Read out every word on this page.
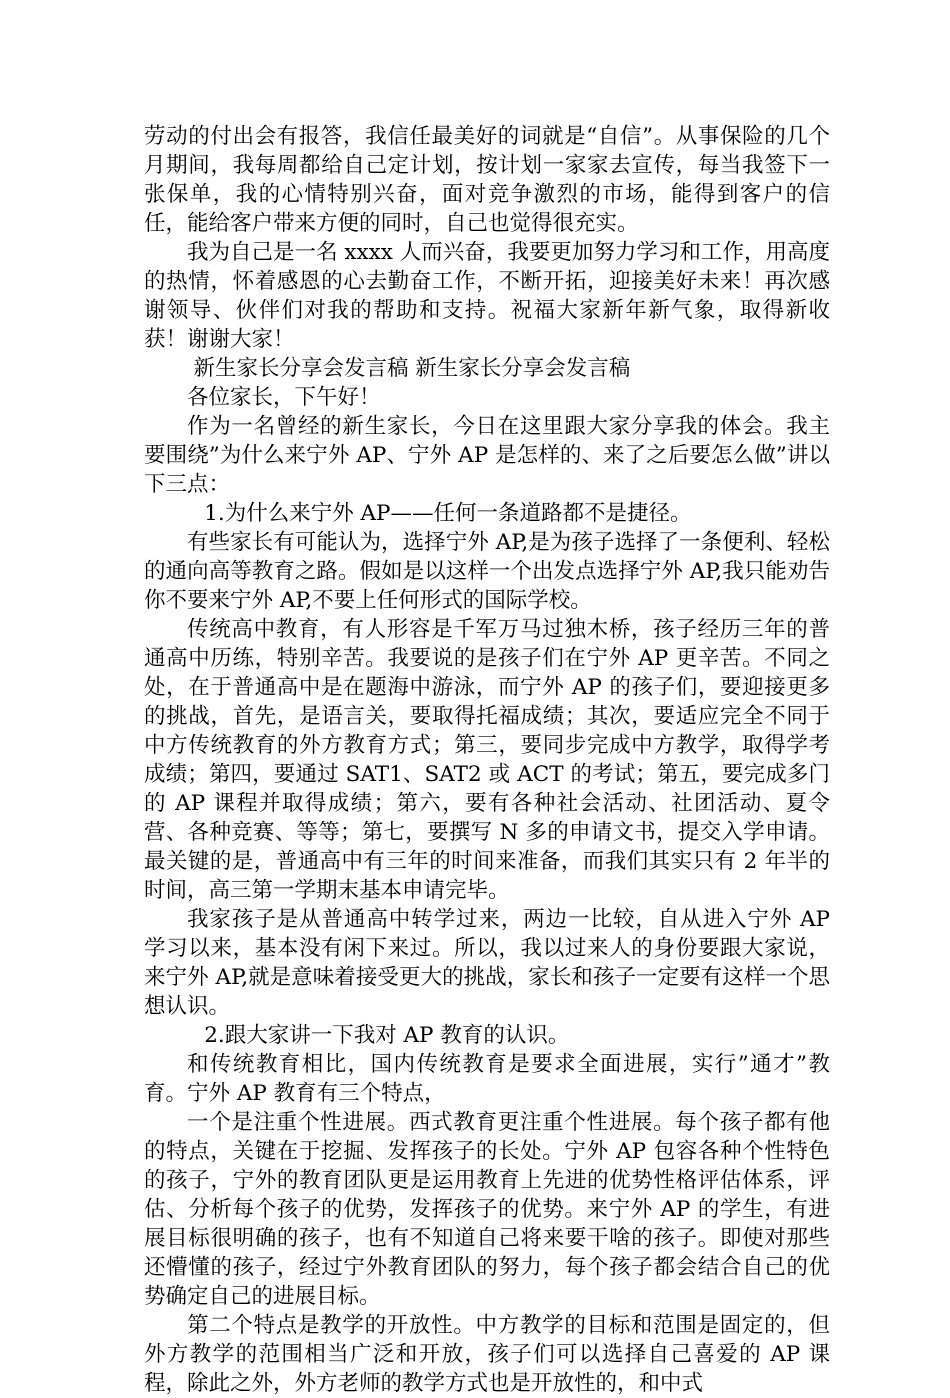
劳动的付出会有报答，我信任最美好的词就是“自信”。从事保险的几个月期间，我每周都给自己定计划，按计划一家家去宣传，每当我签下一张保单，我的心情特别兴奋，面对竞争激烈的市场，能得到客户的信任，能给客户带来方便的同时，自己也觉得很充实。

我为自己是一名 xxxx 人而兴奋，我要更加努力学习和工作，用高度的热情，怀着感恩的心去勤奋工作，不断开拓，迎接美好未来！再次感谢领导、伙伴们对我的帮助和支持。祝福大家新年新气象，取得新收获！谢谢大家！

新生家长分享会发言稿 新生家长分享会发言稿

各位家长，下午好！

作为一名曾经的新生家长，今日在这里跟大家分享我的体会。我主要围绕”为什么来宁外 AP、宁外 AP 是怎样的、来了之后要怎么做”讲以下三点：

1.为什么来宁外 AP——任何一条道路都不是捷径。

有些家长有可能认为，选择宁外 AP,是为孩子选择了一条便利、轻松的通向高等教育之路。假如是以这样一个出发点选择宁外 AP,我只能劝告你不要来宁外 AP,不要上任何形式的国际学校。

传统高中教育，有人形容是千军万马过独木桥，孩子经历三年的普通高中历练，特别辛苦。我要说的是孩子们在宁外 AP 更辛苦。不同之处，在于普通高中是在题海中游泳，而宁外 AP 的孩子们，要迎接更多的挑战，首先，是语言关，要取得托福成绩；其次，要适应完全不同于中方传统教育的外方教育方式；第三，要同步完成中方教学，取得学考成绩；第四，要通过 SAT1、SAT2 或 ACT 的考试；第五，要完成多门的 AP 课程并取得成绩；第六，要有各种社会活动、社团活动、夏令营、各种竞赛、等等；第七，要撰写 N 多的申请文书，提交入学申请。最关键的是，普通高中有三年的时间来准备，而我们其实只有 2 年半的时间，高三第一学期末基本申请完毕。

我家孩子是从普通高中转学过来，两边一比较，自从进入宁外 AP 学习以来，基本没有闲下来过。所以，我以过来人的身份要跟大家说，来宁外 AP,就是意味着接受更大的挑战，家长和孩子一定要有这样一个思想认识。

2.跟大家讲一下我对 AP 教育的认识。

和传统教育相比，国内传统教育是要求全面进展，实行”通才”教育。宁外 AP 教育有三个特点，

一个是注重个性进展。西式教育更注重个性进展。每个孩子都有他的特点，关键在于挖掘、发挥孩子的长处。宁外 AP 包容各种个性特色的孩子，宁外的教育团队更是运用教育上先进的优势性格评估体系，评估、分析每个孩子的优势，发挥孩子的优势。来宁外 AP 的学生，有进展目标很明确的孩子，也有不知道自己将来要干啥的孩子。即使对那些还懵懂的孩子，经过宁外教育团队的努力，每个孩子都会结合自己的优势确定自己的进展目标。

第二个特点是教学的开放性。中方教学的目标和范围是固定的，但外方教学的范围相当广泛和开放，孩子们可以选择自己喜爱的 AP 课程，除此之外，外方老师的教学方式也是开放性的，和中式
